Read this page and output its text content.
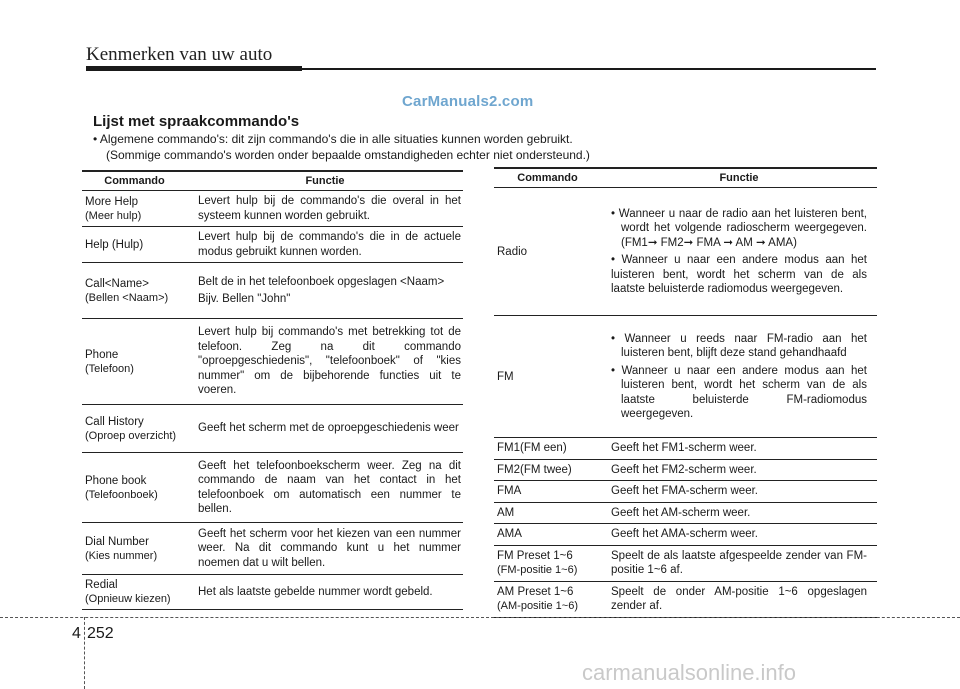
Kenmerken van uw auto
CarManuals2.com
Lijst met spraakcommando's
• Algemene commando's: dit zijn commando's die in alle situaties kunnen worden gebruikt.
(Sommige commando's worden onder bepaalde omstandigheden echter niet ondersteund.)
Commando	Functie
More Help
(Meer hulp)	Levert hulp bij de commando's die overal in het systeem kunnen worden gebruikt.
Help (Hulp)	Levert hulp bij de commando's die in de actuele modus gebruikt kunnen worden.
Call<Name>
(Bellen <Naam>)	Belt de in het telefoonboek opgeslagen <Naam>
Bijv. Bellen "John"

Phone
(Telefoon)	Levert hulp bij commando's met betrekking tot de telefoon. Zeg na dit commando "oproepgeschiedenis", "telefoonboek" of "kies nummer" om de bijbehorende functies uit te voeren.
Call History
(Oproep overzicht)	Geeft het scherm met de oproepgeschiedenis weer
Phone book
(Telefoonboek)	Geeft het telefoonboekscherm weer. Zeg na dit commando de naam van het contact in het telefoonboek om automatisch een nummer te bellen.
Dial Number
(Kies nummer)	Geeft het scherm voor het kiezen van een nummer weer. Na dit commando kunt u het nummer noemen dat u wilt bellen.
Redial
(Opnieuw kiezen)	Het als laatste gebelde nummer wordt gebeld.
Commando	Functie
Radio	• Wanneer u naar de radio aan het luisteren bent, wordt het volgende radioscherm weergegeven. (FM1➞ FM2➞ FMA ➞ AM ➞ AMA)
• Wanneer u naar een andere modus aan het luisteren bent, wordt het scherm van de als laatste beluisterde radiomodus weergegeven.

FM	• Wanneer u reeds naar FM-radio aan het luisteren bent, blijft deze stand gehandhaafd
• Wanneer u naar een andere modus aan het luisteren bent, wordt het scherm van de als laatste beluisterde FM-radiomodus weergegeven.

FM1(FM een)	Geeft het FM1-scherm weer.
FM2(FM twee)	Geeft het FM2-scherm weer.
FMA	Geeft het FMA-scherm weer.
AM	Geeft het AM-scherm weer.
AMA	Geeft het AMA-scherm weer.
FM Preset 1~6
(FM-positie 1~6)	Speelt de als laatste afgespeelde zender van FM-positie 1~6 af.
AM Preset 1~6
(AM-positie 1~6)	Speelt de onder AM-positie 1~6 opgeslagen zender af.
4 252
carmanualsonline.info
